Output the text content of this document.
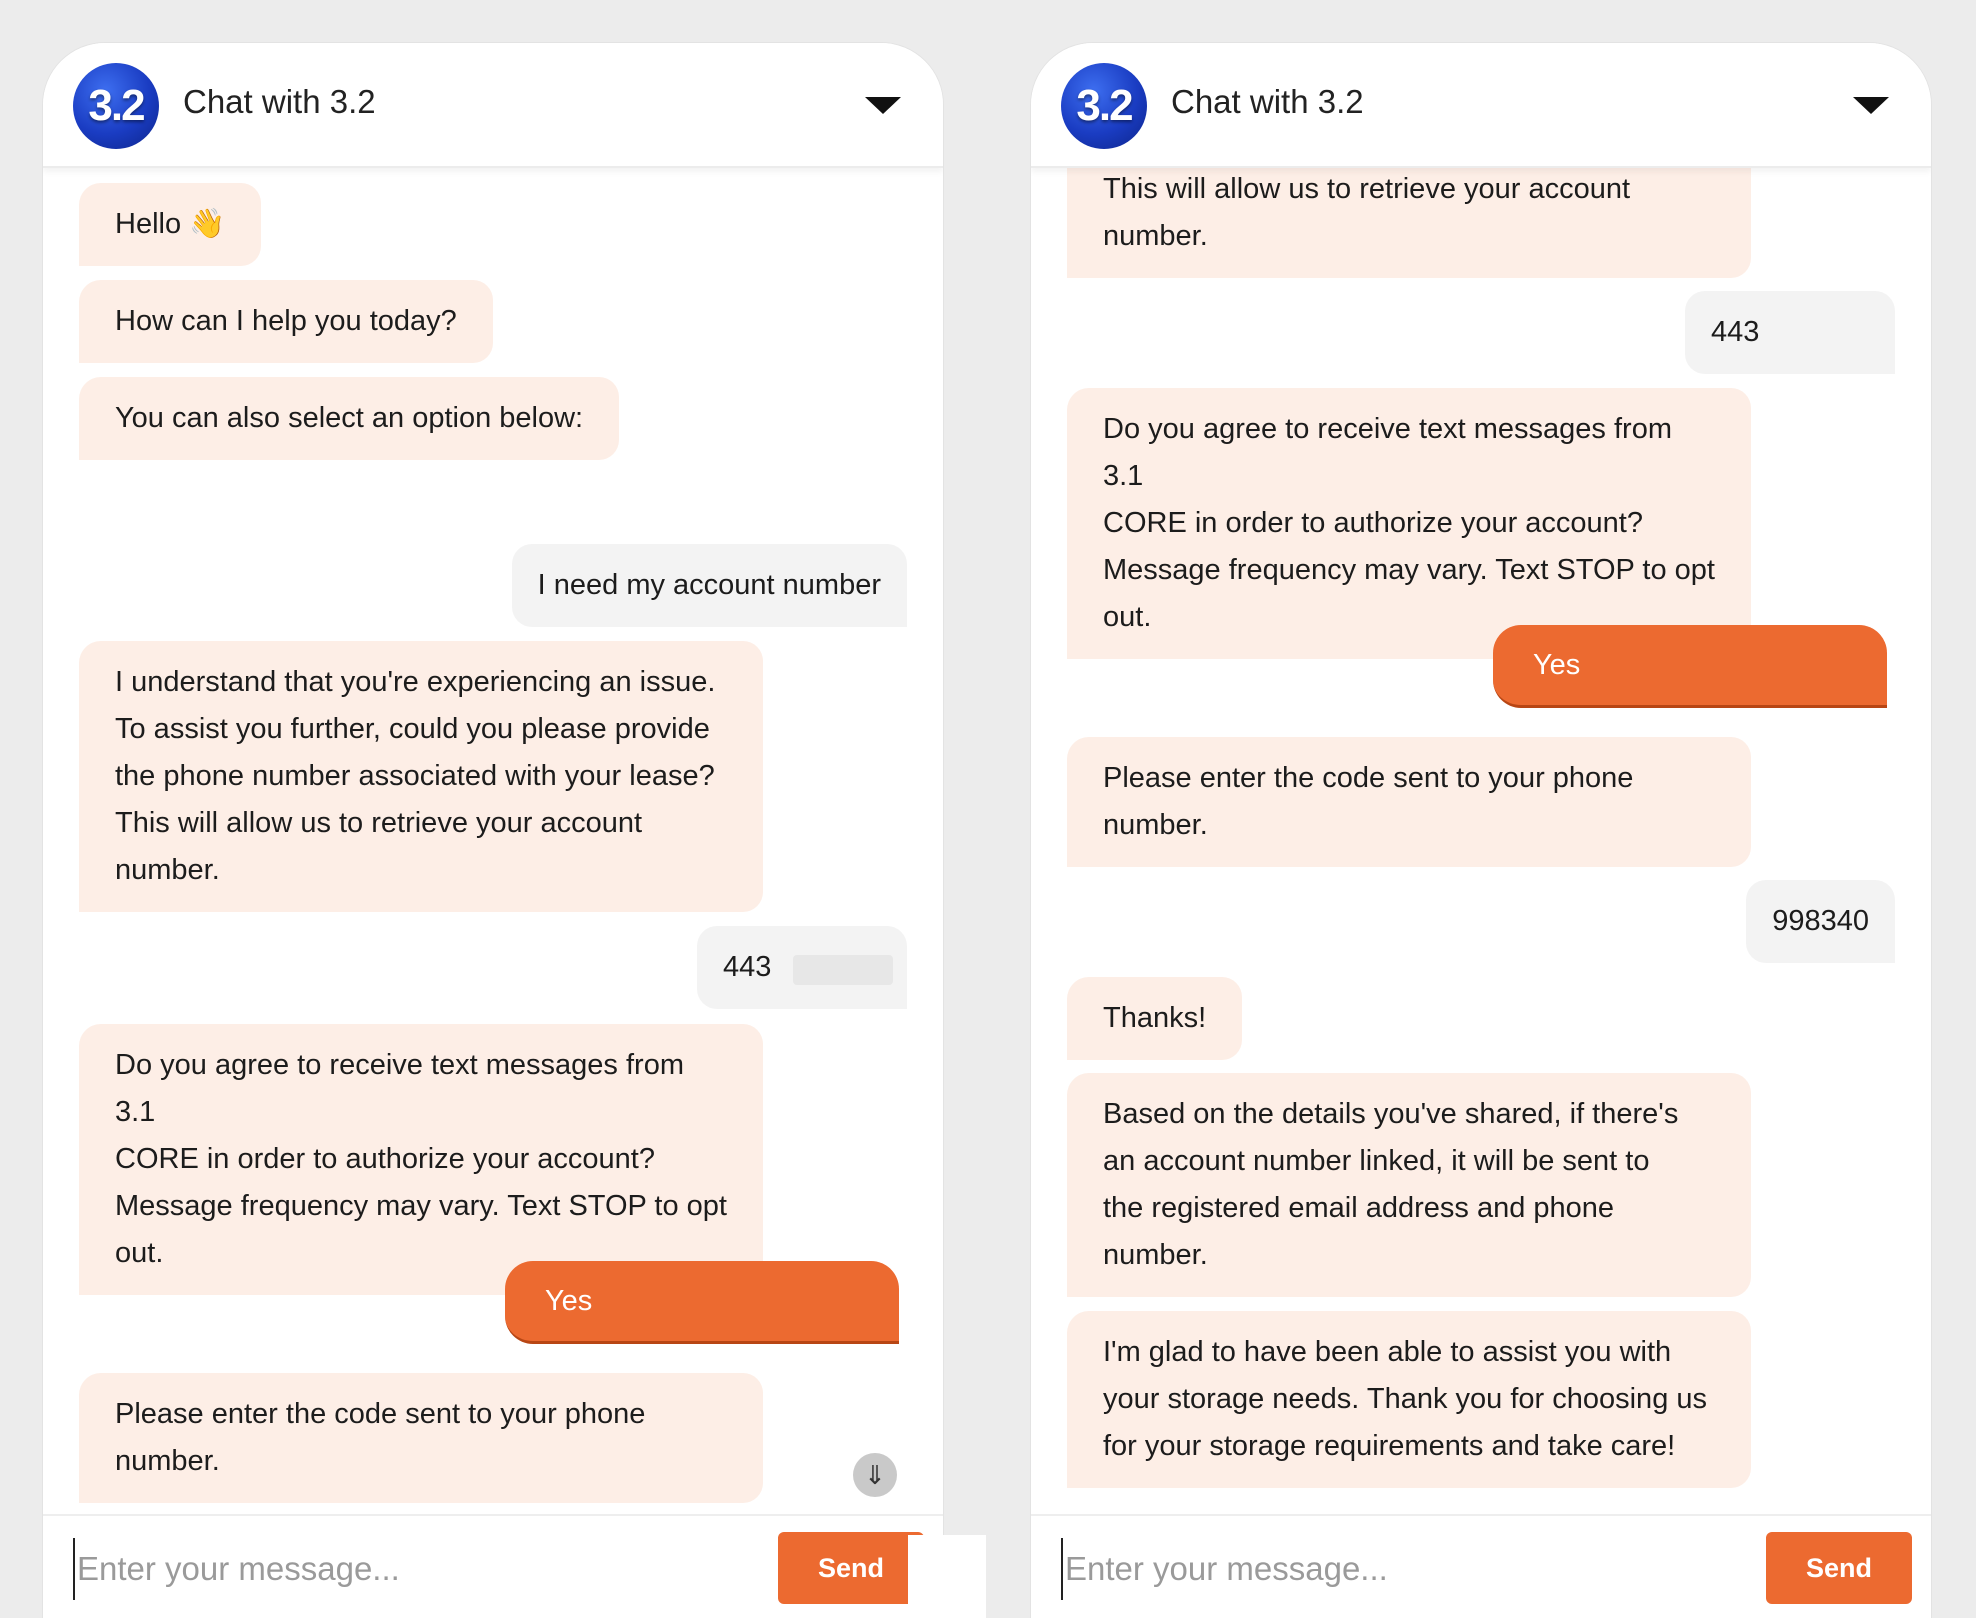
3.2	Chat with 3.2
Hello 👋
How can I help you today?
You can also select an option below:
I need my account number
I understand that you're experiencing an issue.
To assist you further, could you please provide
the phone number associated with your lease?
This will allow us to retrieve your account
number.
443
Do you agree to receive text messages from 3.1
CORE in order to authorize your account?
Message frequency may vary. Text STOP to opt
out.
Yes
Please enter the code sent to your phone
number.	⇓
Enter your message...
Send
3.2	Chat with 3.2
This will allow us to retrieve your account
number.
443
Do you agree to receive text messages from 3.1
CORE in order to authorize your account?
Message frequency may vary. Text STOP to opt
out.
Yes
Please enter the code sent to your phone
number.
998340
Thanks!
Based on the details you've shared, if there's
an account number linked, it will be sent to
the registered email address and phone
number.
I'm glad to have been able to assist you with
your storage needs. Thank you for choosing us
for your storage requirements and take care!
Enter your message...
Send
